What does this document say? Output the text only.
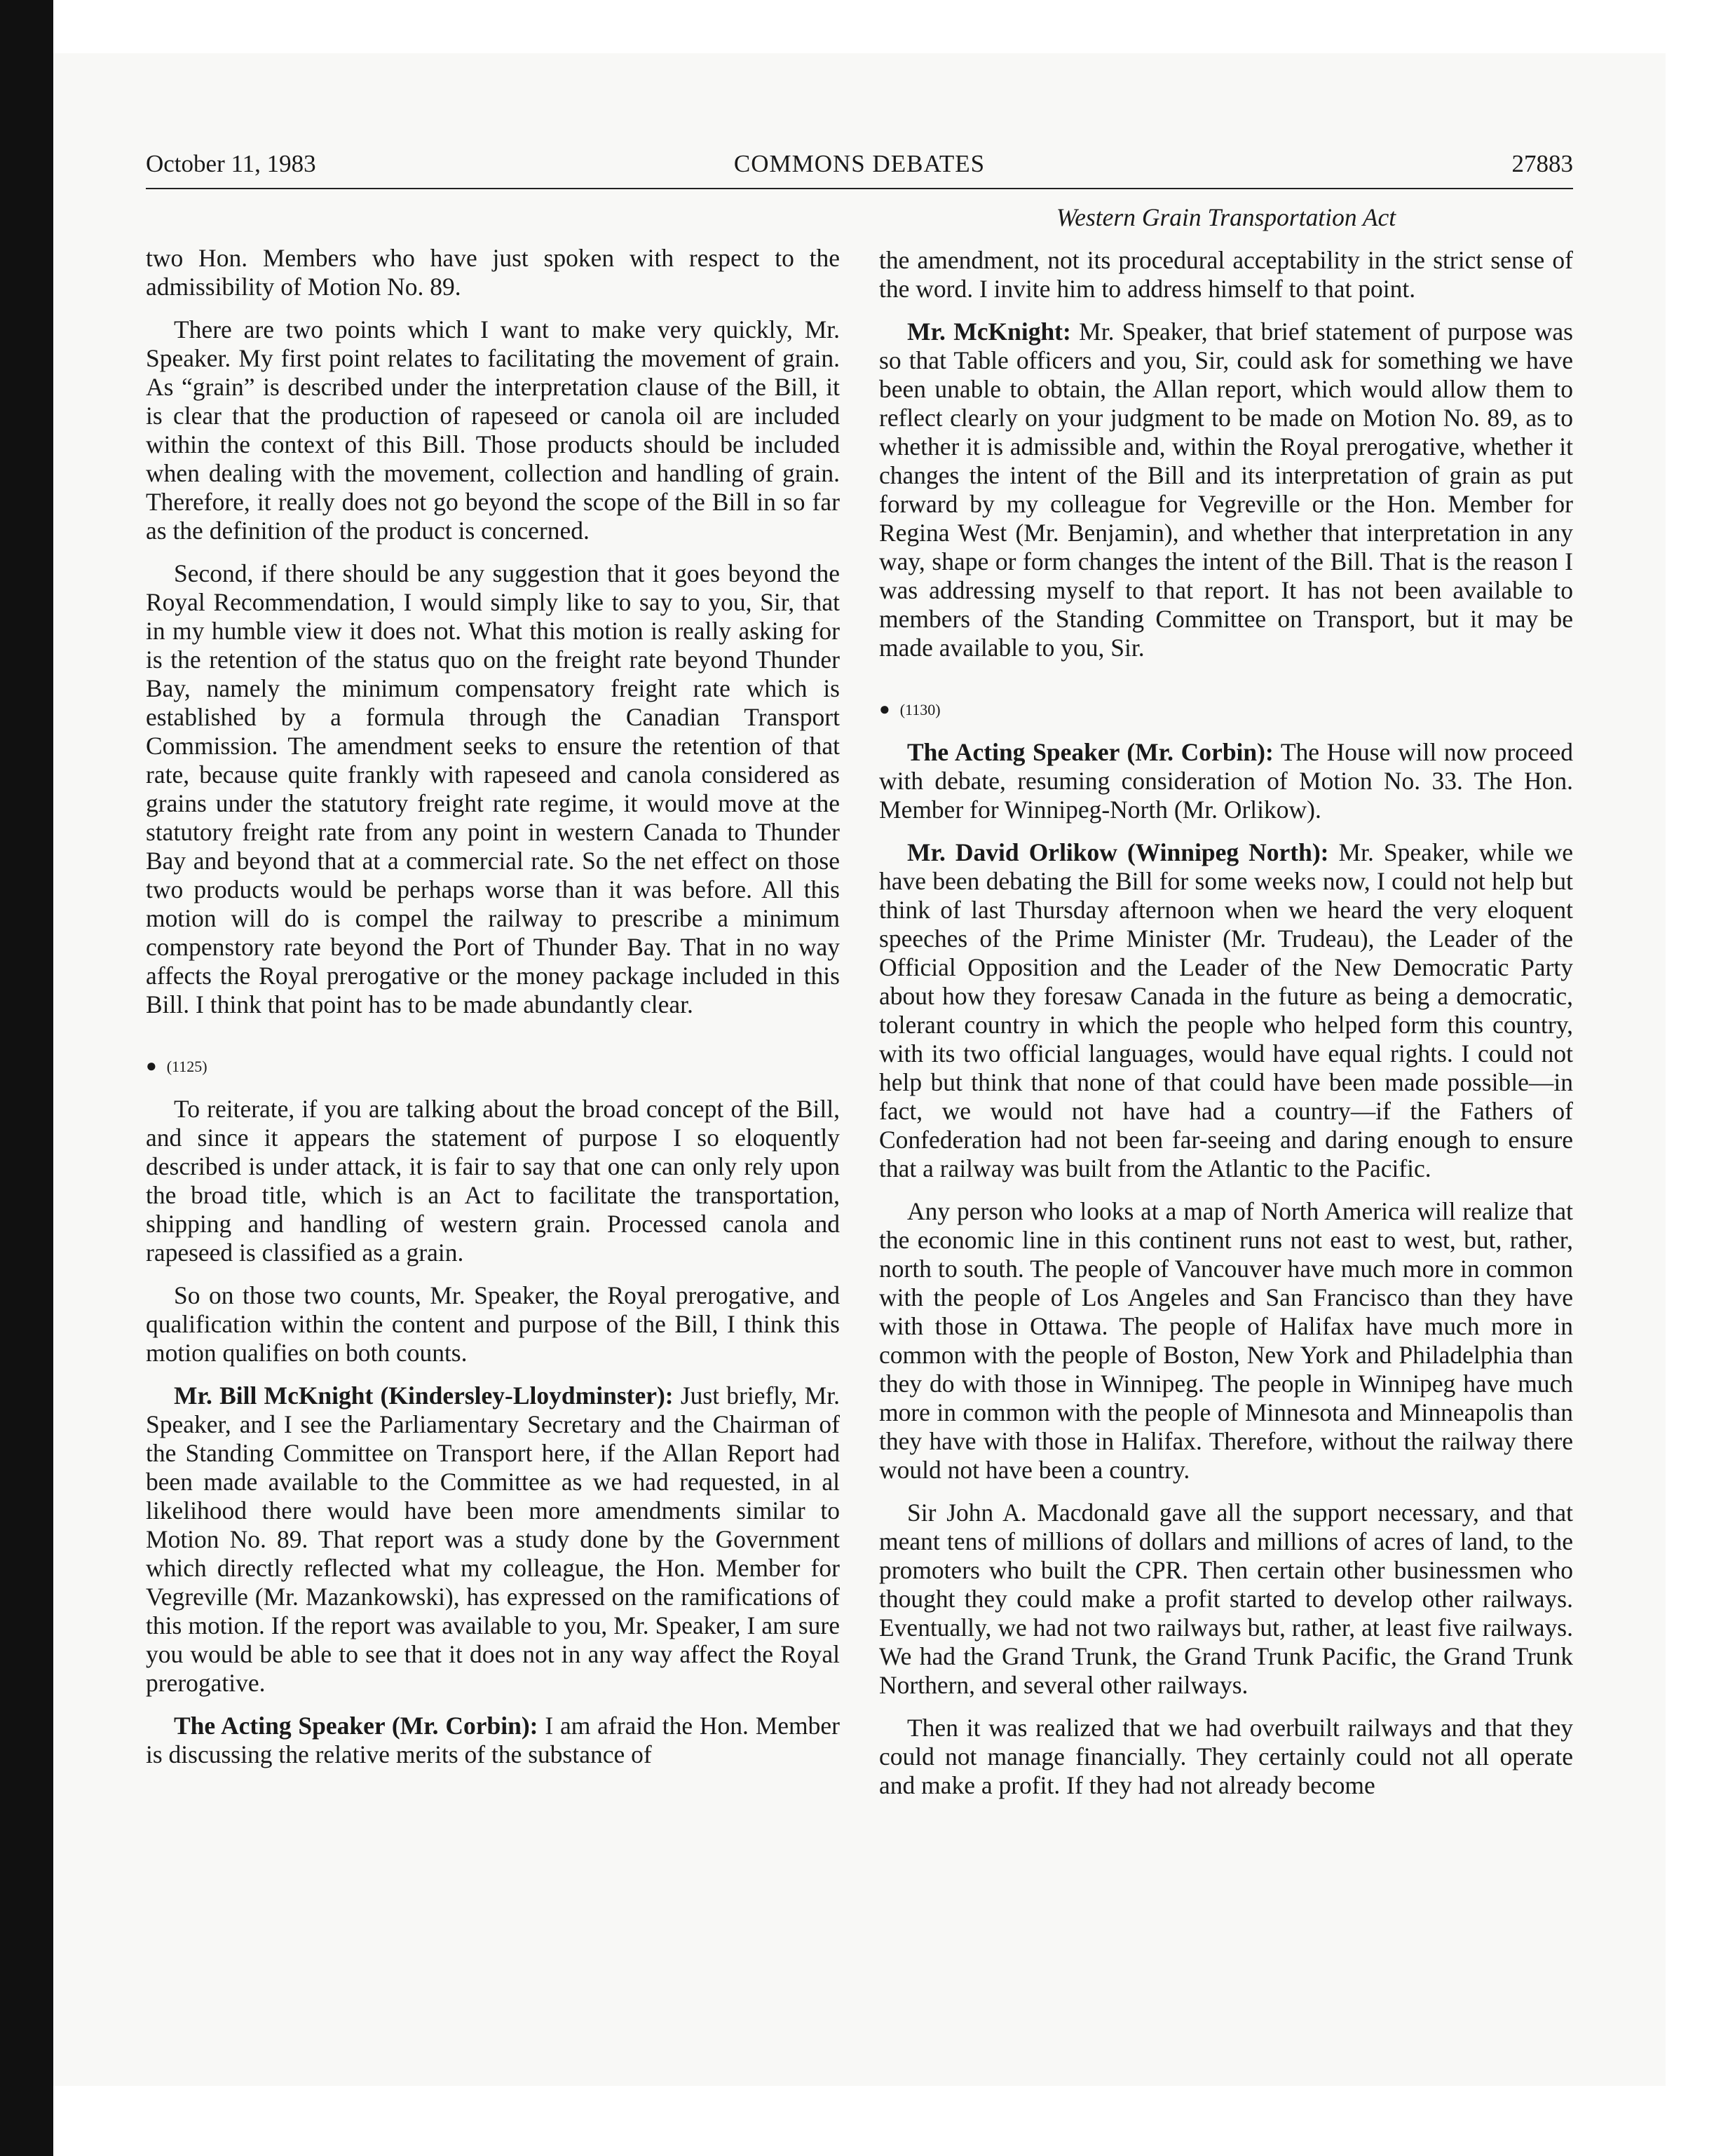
October 11, 1983	COMMONS DEBATES	27883

two Hon. Members who have just spoken with respect to the admissibility of Motion No. 89.

There are two points which I want to make very quickly, Mr. Speaker. My first point relates to facilitating the movement of grain. As “grain” is described under the interpretation clause of the Bill, it is clear that the production of rapeseed or canola oil are included within the context of this Bill. Those products should be included when dealing with the movement, collection and handling of grain. Therefore, it really does not go beyond the scope of the Bill in so far as the definition of the product is concerned.

Second, if there should be any suggestion that it goes beyond the Royal Recommendation, I would simply like to say to you, Sir, that in my humble view it does not. What this motion is really asking for is the retention of the status quo on the freight rate beyond Thunder Bay, namely the minimum compensatory freight rate which is established by a formula through the Canadian Transport Commission. The amendment seeks to ensure the retention of that rate, because quite frankly with rapeseed and canola considered as grains under the statutory freight rate regime, it would move at the statutory freight rate from any point in western Canada to Thunder Bay and beyond that at a commercial rate. So the net effect on those two products would be perhaps worse than it was before. All this motion will do is compel the railway to prescribe a minimum compenstory rate beyond the Port of Thunder Bay. That in no way affects the Royal prerogative or the money package included in this Bill. I think that point has to be made abundantly clear.

● (1125)

To reiterate, if you are talking about the broad concept of the Bill, and since it appears the statement of purpose I so eloquently described is under attack, it is fair to say that one can only rely upon the broad title, which is an Act to facilitate the transportation, shipping and handling of western grain. Processed canola and rapeseed is classified as a grain.

So on those two counts, Mr. Speaker, the Royal prerogative, and qualification within the content and purpose of the Bill, I think this motion qualifies on both counts.

Mr. Bill McKnight (Kindersley-Lloydminster): Just briefly, Mr. Speaker, and I see the Parliamentary Secretary and the Chairman of the Standing Committee on Transport here, if the Allan Report had been made available to the Committee as we had requested, in al likelihood there would have been more amendments similar to Motion No. 89. That report was a study done by the Government which directly reflected what my colleague, the Hon. Member for Vegreville (Mr. Mazankowski), has expressed on the ramifications of this motion. If the report was available to you, Mr. Speaker, I am sure you would be able to see that it does not in any way affect the Royal prerogative.

The Acting Speaker (Mr. Corbin): I am afraid the Hon. Member is discussing the relative merits of the substance of

Western Grain Transportation Act

the amendment, not its procedural acceptability in the strict sense of the word. I invite him to address himself to that point.

Mr. McKnight: Mr. Speaker, that brief statement of purpose was so that Table officers and you, Sir, could ask for something we have been unable to obtain, the Allan report, which would allow them to reflect clearly on your judgment to be made on Motion No. 89, as to whether it is admissible and, within the Royal prerogative, whether it changes the intent of the Bill and its interpretation of grain as put forward by my colleague for Vegreville or the Hon. Member for Regina West (Mr. Benjamin), and whether that interpretation in any way, shape or form changes the intent of the Bill. That is the reason I was addressing myself to that report. It has not been available to members of the Standing Committee on Transport, but it may be made available to you, Sir.

● (1130)

The Acting Speaker (Mr. Corbin): The House will now proceed with debate, resuming consideration of Motion No. 33. The Hon. Member for Winnipeg-North (Mr. Orlikow).

Mr. David Orlikow (Winnipeg North): Mr. Speaker, while we have been debating the Bill for some weeks now, I could not help but think of last Thursday afternoon when we heard the very eloquent speeches of the Prime Minister (Mr. Trudeau), the Leader of the Official Opposition and the Leader of the New Democratic Party about how they foresaw Canada in the future as being a democratic, tolerant country in which the people who helped form this country, with its two official languages, would have equal rights. I could not help but think that none of that could have been made possible—in fact, we would not have had a country—if the Fathers of Confederation had not been far-seeing and daring enough to ensure that a railway was built from the Atlantic to the Pacific.

Any person who looks at a map of North America will realize that the economic line in this continent runs not east to west, but, rather, north to south. The people of Vancouver have much more in common with the people of Los Angeles and San Francisco than they have with those in Ottawa. The people of Halifax have much more in common with the people of Boston, New York and Philadelphia than they do with those in Winnipeg. The people in Winnipeg have much more in common with the people of Minnesota and Minneapolis than they have with those in Halifax. Therefore, without the railway there would not have been a country.

Sir John A. Macdonald gave all the support necessary, and that meant tens of millions of dollars and millions of acres of land, to the promoters who built the CPR. Then certain other businessmen who thought they could make a profit started to develop other railways. Eventually, we had not two railways but, rather, at least five railways. We had the Grand Trunk, the Grand Trunk Pacific, the Grand Trunk Northern, and several other railways.

Then it was realized that we had overbuilt railways and that they could not manage financially. They certainly could not all operate and make a profit. If they had not already become
